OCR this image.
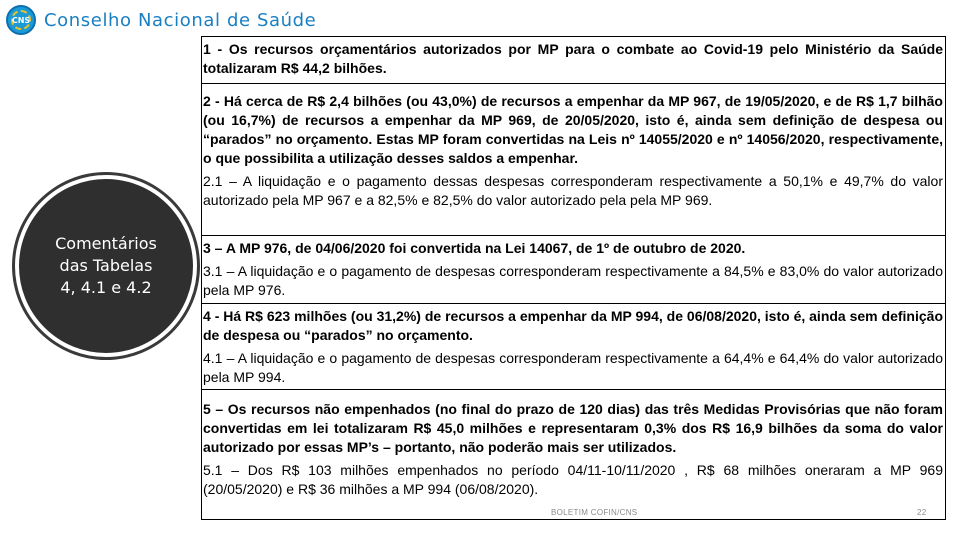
CNS Conselho Nacional de Saúde
Comentários
das Tabelas
4, 4.1 e 4.2

1 - Os recursos orçamentários autorizados por MP para o combate ao Covid-19 pelo Ministério da Saúde totalizaram R$ 44,2 bilhões.

2 - Há cerca de R$ 2,4 bilhões (ou 43,0%) de recursos a empenhar da MP 967, de 19/05/2020, e de R$ 1,7 bilhão (ou 16,7%) de recursos a empenhar da MP 969, de 20/05/2020, isto é, ainda sem definição de despesa ou “parados” no orçamento. Estas MP foram convertidas na Leis nº 14055/2020 e nº 14056/2020, respectivamente, o que possibilita a utilização desses saldos a empenhar.

2.1 – A liquidação e o pagamento dessas despesas corresponderam respectivamente a 50,1% e 49,7% do valor autorizado pela MP 967 e a 82,5% e 82,5% do valor autorizado pela pela MP 969.

3 – A MP 976, de 04/06/2020 foi convertida na Lei 14067, de 1º de outubro de 2020.

3.1 – A liquidação e o pagamento de despesas corresponderam respectivamente a 84,5% e 83,0% do valor autorizado pela MP 976.

4 - Há R$ 623 milhões (ou 31,2%) de recursos a empenhar da MP 994, de 06/08/2020, isto é, ainda sem definição de despesa ou “parados” no orçamento.

4.1 – A liquidação e o pagamento de despesas corresponderam respectivamente a 64,4% e 64,4% do valor autorizado pela MP 994.

5 – Os recursos não empenhados (no final do prazo de 120 dias) das três Medidas Provisórias que não foram convertidas em lei totalizaram R$ 45,0 milhões e representaram 0,3% dos R$ 16,9 bilhões da soma do valor autorizado por essas MP’s – portanto, não poderão mais ser utilizados.

5.1 – Dos R$ 103 milhões empenhados no período 04/11-10/11/2020 , R$ 68 milhões oneraram a MP 969 (20/05/2020) e R$ 36 milhões a MP 994 (06/08/2020).

BOLETIM COFIN/CNS	22
